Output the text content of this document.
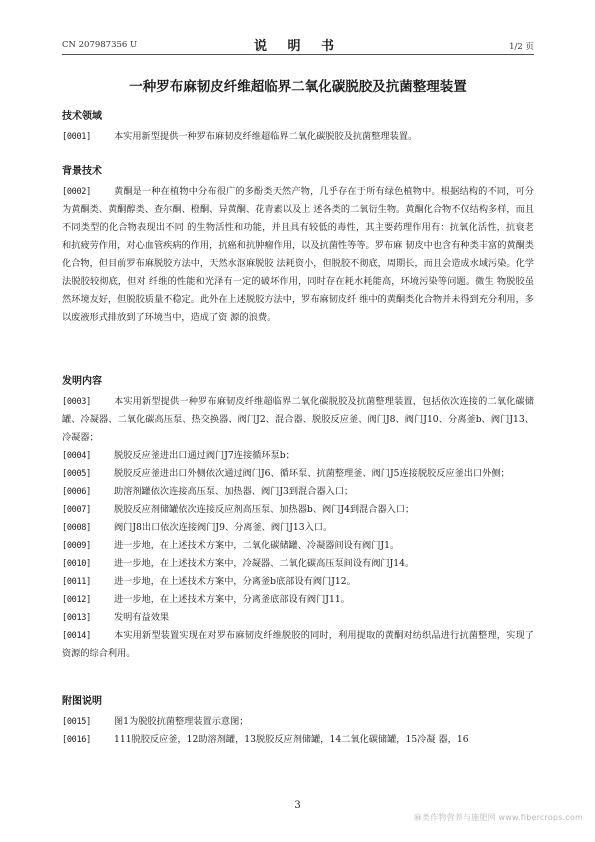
CN 207987356 U	说 明 书	1/2 页
一种罗布麻韧皮纤维超临界二氧化碳脱胶及抗菌整理装置
技术领域
[0001]	本实用新型提供一种罗布麻韧皮纤维超临界二氧化碳脱胶及抗菌整理装置。
背景技术
[0002]	黄酮是一种在植物中分布很广的多酚类天然产物，几乎存在于所有绿色植物中。根据结构的不同，可分为黄酮类、黄酮醇类、查尔酮、橙酮、异黄酮、花青素以及上 述各类的二氧衍生物。黄酮化合物不仅结构多样，而且不同类型的化合物表现出不同 的生物活性和功能，并且具有较低的毒性，其主要药理作用有：抗氧化活性，抗衰老 和抗疲劳作用，对心血管疾病的作用，抗癌和抗肿瘤作用，以及抗菌性等等。罗布麻 韧皮中也含有种类丰富的黄酮类化合物，但目前罗布麻脱胶方法中，天然水沤麻脱胶 法耗资小，但脱胶不彻底，周期长，而且会造成水域污染。化学法脱胶较彻底，但对 纤维的性能和光泽有一定的破坏作用，同时存在耗水耗能高，环境污染等问题。微生 物脱胶虽然环境友好，但脱胶质量不稳定。此外在上述脱胶方法中，罗布麻韧皮纤 维中的黄酮类化合物并未得到充分利用，多以废液形式排放到了环境当中，造成了资 源的浪费。
发明内容
[0003]	本实用新型提供一种罗布麻韧皮纤维超临界二氧化碳脱胶及抗菌整理装置，包括依次连接的二氧化碳储罐、冷凝器、二氧化碳高压泵、热交换器、阀门J2、混合器、脱胶反应釜、阀门J8、阀门J10、分离釜b、阀门J13、冷凝器；
[0004]	脱胶反应釜进出口通过阀门J7连接循环泵b；
[0005]	脱胶反应釜进出口外侧依次通过阀门J6、循环泵、抗菌整理釜、阀门J5连接脱胶反应釜出口外侧；
[0006]	助溶剂罐依次连接高压泵、加热器、阀门J3到混合器入口；
[0007]	脱胶反应剂储罐依次连接反应剂高压泵、加热器b、阀门J4到混合器入口；
[0008]	阀门J8出口依次连接阀门J9、分离釜、阀门J13入口。
[0009]	进一步地，在上述技术方案中，二氧化碳储罐、冷凝器间设有阀门J1。
[0010]	进一步地，在上述技术方案中，冷凝器、二氧化碳高压泵间设有阀门J14。
[0011]	进一步地，在上述技术方案中，分离釜b底部设有阀门J12。
[0012]	进一步地，在上述技术方案中，分离釜底部设有阀门J11。
[0013]	发明有益效果
[0014]	本实用新型装置实现在对罗布麻韧皮纤维脱胶的同时，利用提取的黄酮对纺织品进行抗菌整理，实现了资源的综合利用。
附图说明
[0015]	图1为脱胶抗菌整理装置示意图；
[0016]	111脱胶反应釜，12助溶剂罐，13脱胶反应剂储罐，14二氧化碳储罐，15冷凝 器，16
3
麻类作物营养与施肥网 www.fibercrops.com
